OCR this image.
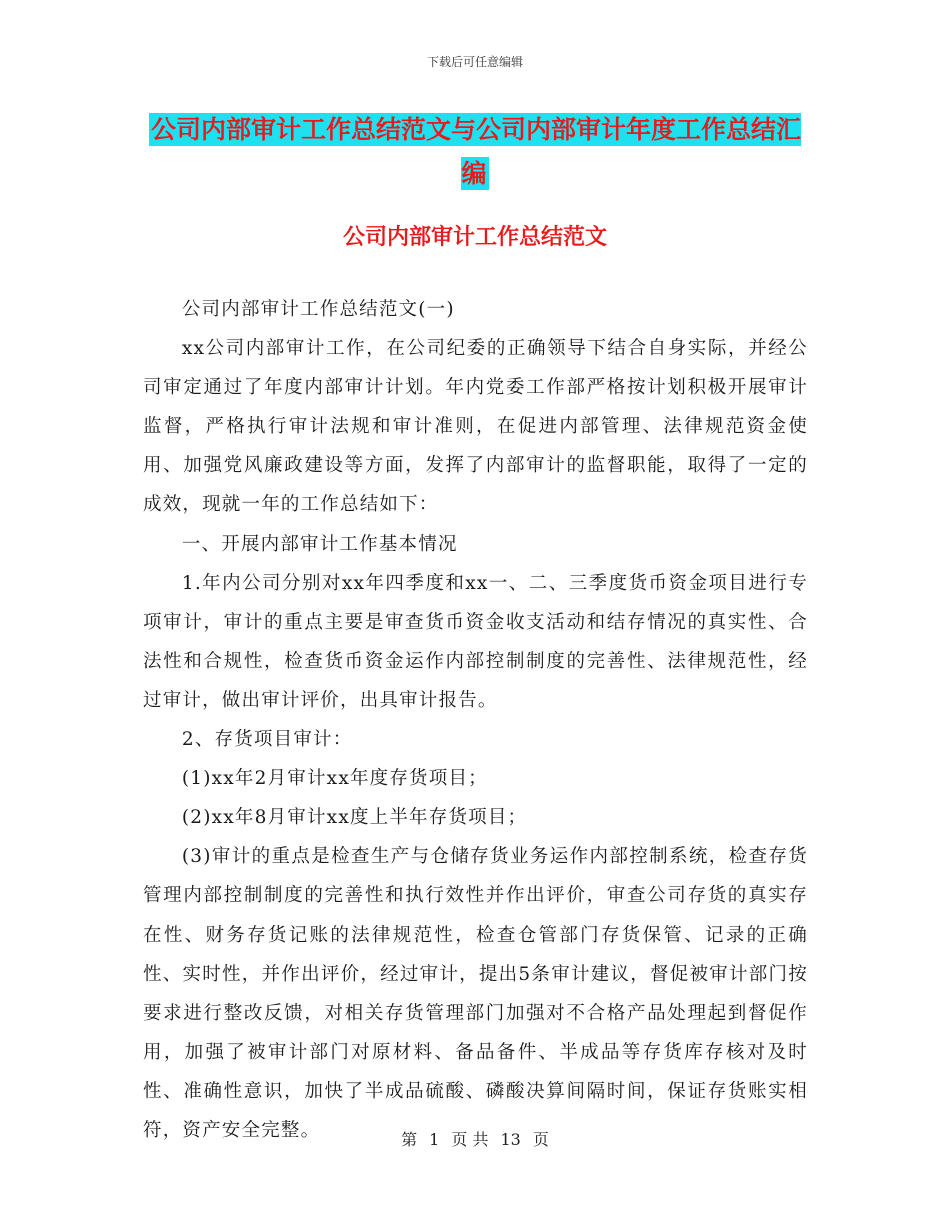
下载后可任意编辑
公司内部审计工作总结范文与公司内部审计年度工作总结汇编
公司内部审计工作总结范文

公司内部审计工作总结范文(一)

xx公司内部审计工作，在公司纪委的正确领导下结合自身实际，并经公司审定通过了年度内部审计计划。年内党委工作部严格按计划积极开展审计监督，严格执行审计法规和审计准则，在促进内部管理、法律规范资金使用、加强党风廉政建设等方面，发挥了内部审计的监督职能，取得了一定的成效，现就一年的工作总结如下：

一、开展内部审计工作基本情况

1.年内公司分别对xx年四季度和xx一、二、三季度货币资金项目进行专项审计，审计的重点主要是审查货币资金收支活动和结存情况的真实性、合法性和合规性，检查货币资金运作内部控制制度的完善性、法律规范性，经过审计，做出审计评价，出具审计报告。

2、存货项目审计：

(1)xx年2月审计xx年度存货项目；

(2)xx年8月审计xx度上半年存货项目；

(3)审计的重点是检查生产与仓储存货业务运作内部控制系统，检查存货管理内部控制制度的完善性和执行效性并作出评价，审查公司存货的真实存在性、财务存货记账的法律规范性，检查仓管部门存货保管、记录的正确性、实时性，并作出评价，经过审计，提出5条审计建议，督促被审计部门按要求进行整改反馈，对相关存货管理部门加强对不合格产品处理起到督促作用，加强了被审计部门对原材料、备品备件、半成品等存货库存核对及时性、准确性意识，加快了半成品硫酸、磷酸决算间隔时间，保证存货账实相符，资产安全完整。	第 1 页 共 13 页
